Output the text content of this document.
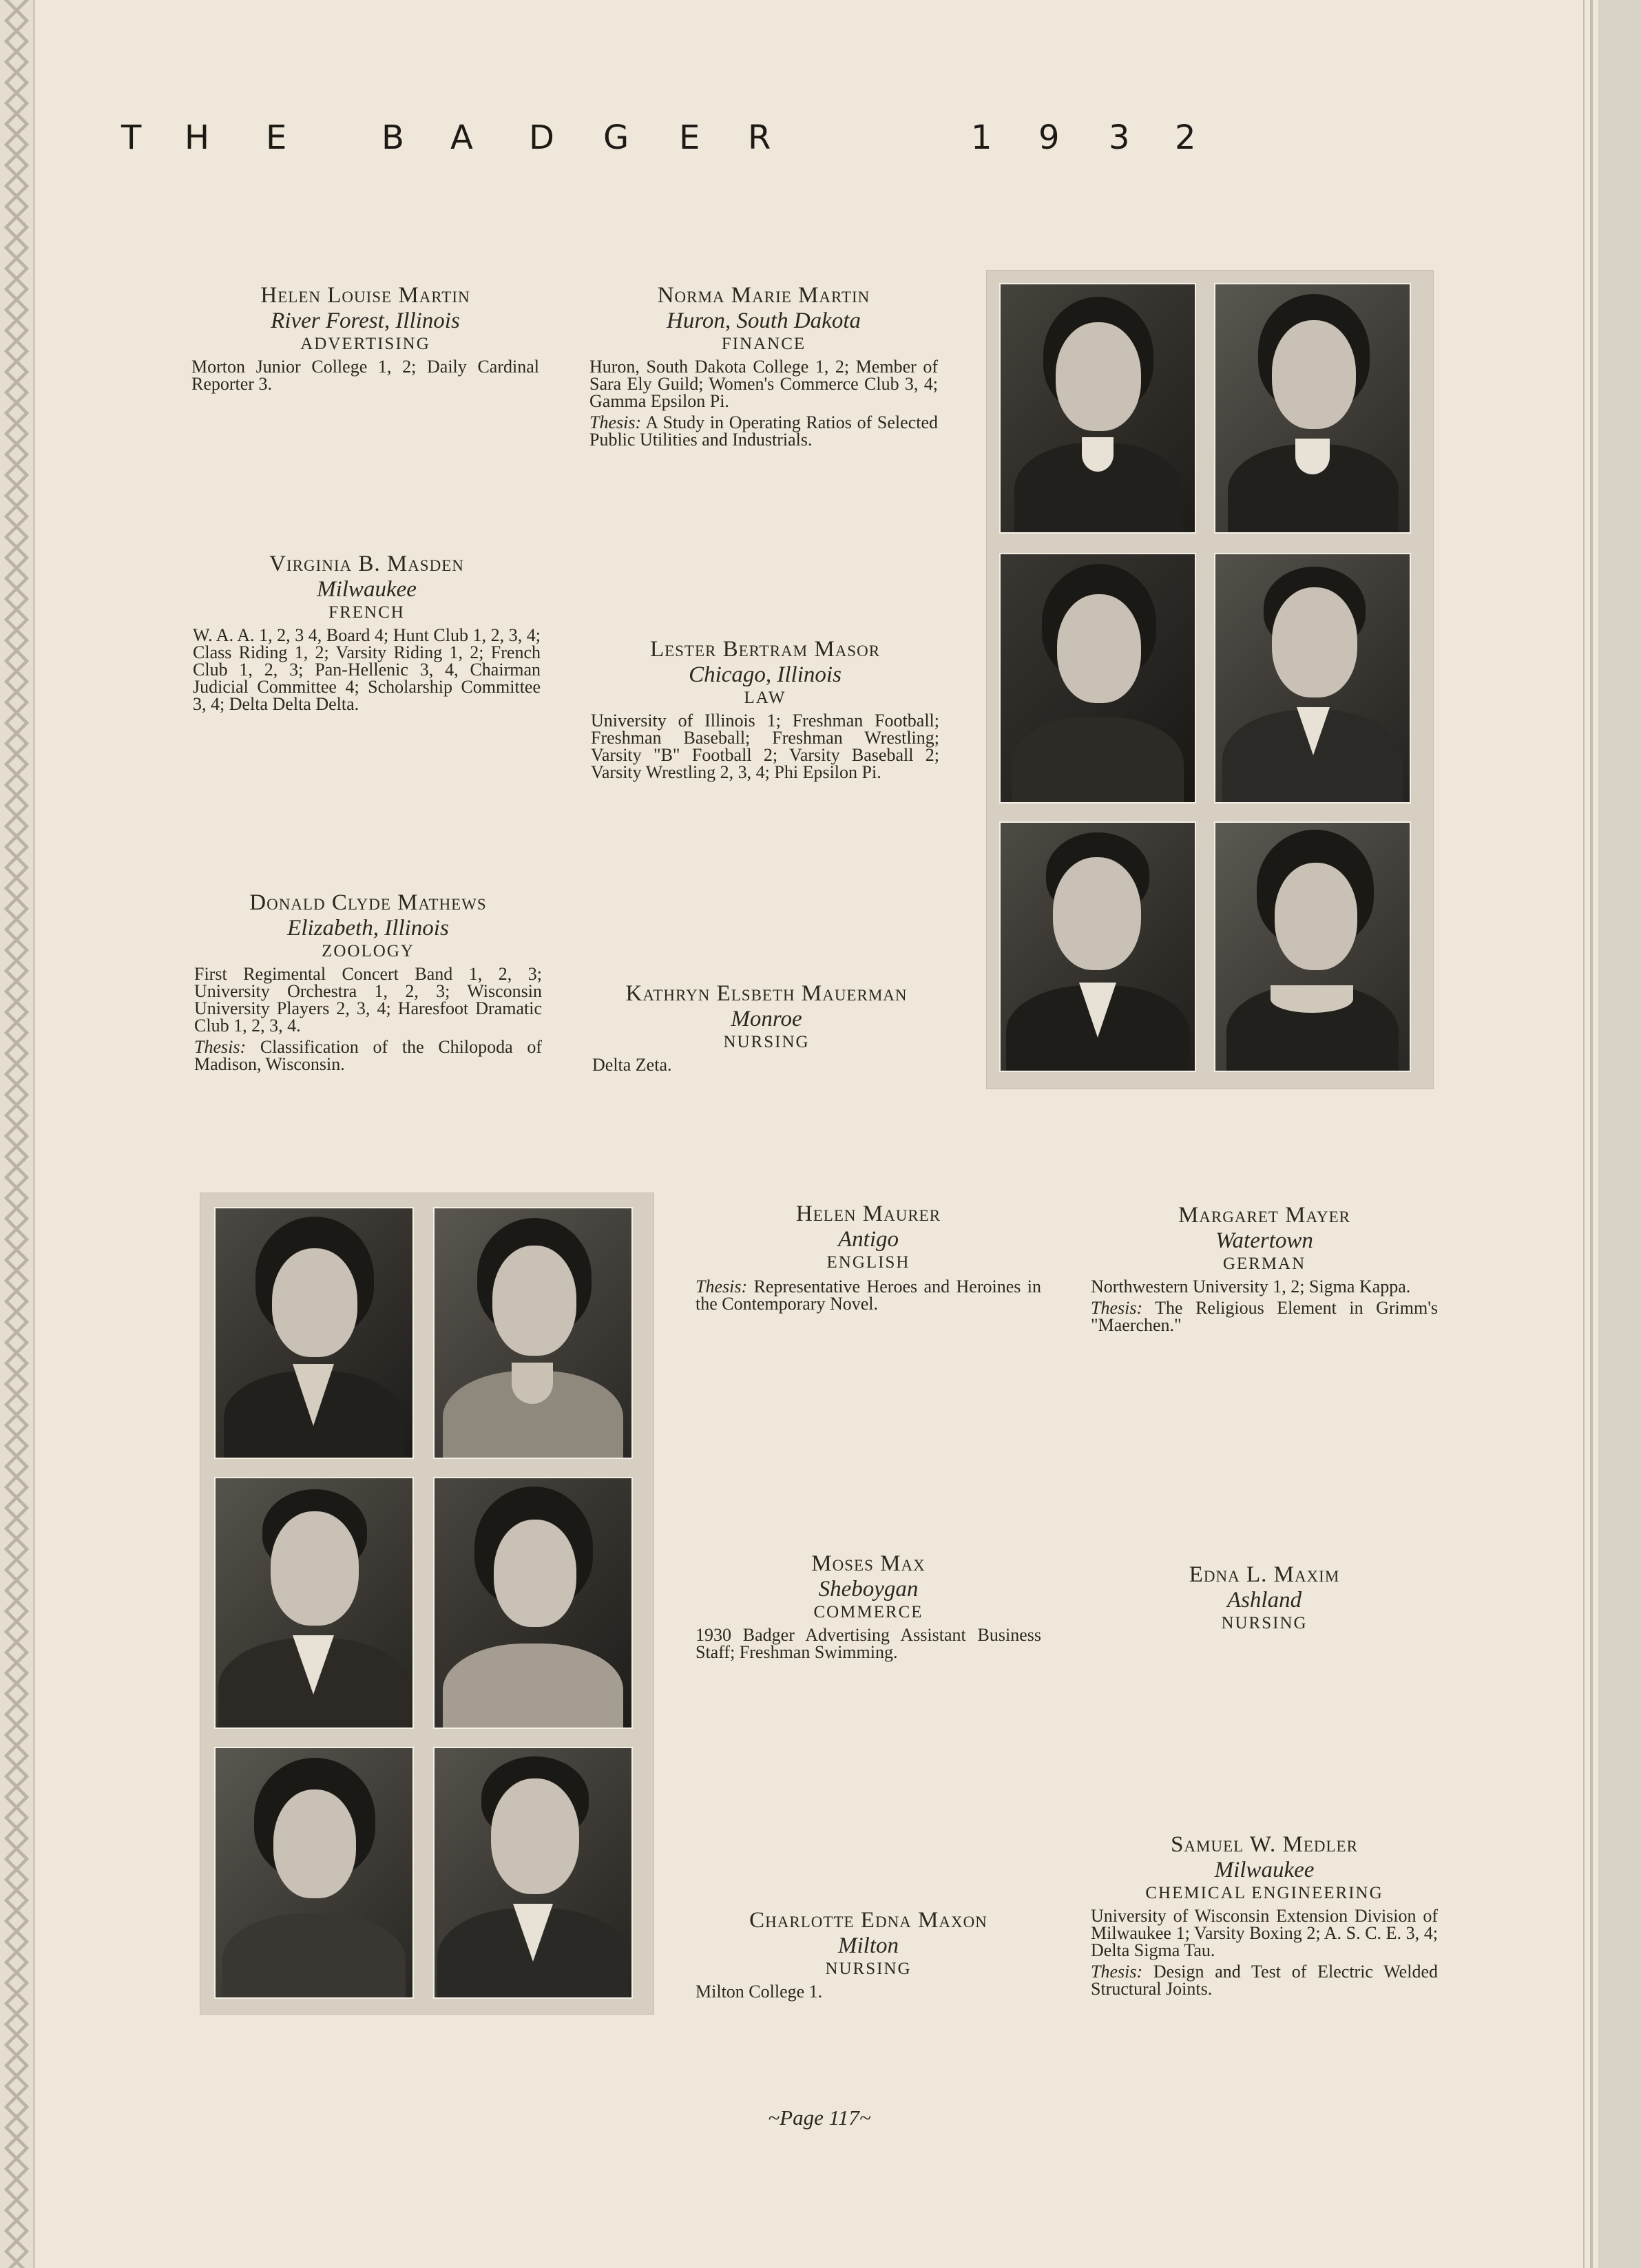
T H E	B A D G E R	1 9 3 2
Helen Louise Martin
River Forest, Illinois
ADVERTISING
Morton Junior College 1, 2; Daily Cardinal Reporter 3.
Norma Marie Martin
Huron, South Dakota
FINANCE
Huron, South Dakota College 1, 2; Member of Sara Ely Guild; Women's Commerce Club 3, 4; Gamma Epsilon Pi.
Thesis: A Study in Operating Ratios of Selected Public Utilities and Industrials.
Virginia B. Masden
Milwaukee
FRENCH
W. A. A. 1, 2, 3 4, Board 4; Hunt Club 1, 2, 3, 4; Class Riding 1, 2; Varsity Riding 1, 2; French Club 1, 2, 3; Pan-Hellenic 3, 4, Chairman Judicial Committee 4; Scholarship Committee 3, 4; Delta Delta Delta.
Lester Bertram Masor
Chicago, Illinois
LAW
University of Illinois 1; Freshman Football; Freshman Baseball; Freshman Wrestling; Varsity "B" Football 2; Varsity Baseball 2; Varsity Wrestling 2, 3, 4; Phi Epsilon Pi.
Donald Clyde Mathews
Elizabeth, Illinois
ZOOLOGY
First Regimental Concert Band 1, 2, 3; University Orchestra 1, 2, 3; Wisconsin University Players 2, 3, 4; Haresfoot Dramatic Club 1, 2, 3, 4.
Thesis: Classification of the Chilopoda of Madison, Wisconsin.
Kathryn Elsbeth Mauerman
Monroe
NURSING
Delta Zeta.
Helen Maurer
Antigo
ENGLISH
Thesis: Representative Heroes and Heroines in the Contemporary Novel.
Margaret Mayer
Watertown
GERMAN
Northwestern University 1, 2; Sigma Kappa.
Thesis: The Religious Element in Grimm's "Maerchen."
Moses Max
Sheboygan
COMMERCE
1930 Badger Advertising Assistant Business Staff; Freshman Swimming.
Edna L. Maxim
Ashland
NURSING
Charlotte Edna Maxon
Milton
NURSING
Milton College 1.
Samuel W. Medler
Milwaukee
CHEMICAL ENGINEERING
University of Wisconsin Extension Division of Milwaukee 1; Varsity Boxing 2; A. S. C. E. 3, 4; Delta Sigma Tau.
Thesis: Design and Test of Electric Welded Structural Joints.
~Page 117~
